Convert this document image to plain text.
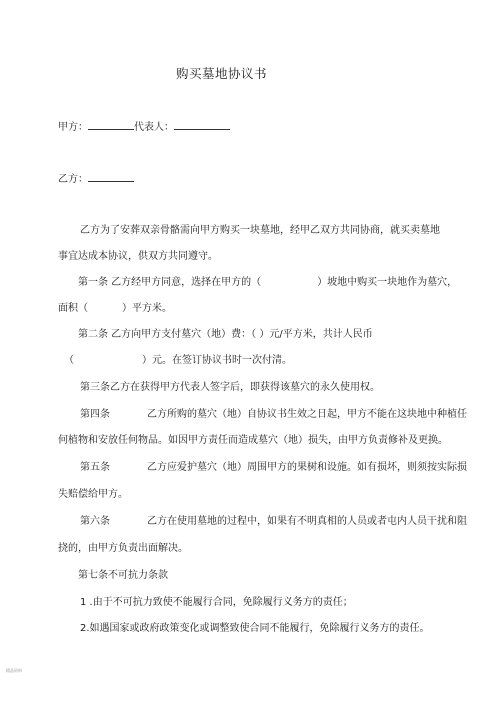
购买墓地协议书
甲方：	代表人：
乙方：
乙方为了安葬双亲骨骼需向甲方购买一块墓地，经甲乙双方共同协商，就买卖墓地
事宜达成本协议，供双方共同遵守。
第一条 乙方经甲方同意，选择在甲方的（	）坡地中购买一块地作为墓穴，
面积（	）平方米。
第二条 乙方向甲方支付墓穴（地）费：（ ）元/平方米，共计人民币
（	）元。在签订协议书时一次付清。
第三条乙方在获得甲方代表人签字后，即获得该墓穴的永久使用权。
第四条	乙方所购的墓穴（地）自协议书生效之日起，甲方不能在这块地中种植任
何植物和安放任何物品。如因甲方责任而造成墓穴（地）损失，由甲方负责修补及更换。
第五条	乙方应爱护墓穴（地）周围甲方的果树和设施。如有损坏，则须按实际损
失赔偿给甲方。
第六条	乙方在使用墓地的过程中，如果有不明真相的人员或者屯内人员干扰和阻
挠的，由甲方负责出面解决。
第七条不可抗力条款
1 .由于不可抗力致使不能履行合同，免除履行义务方的责任；
2.如遇国家或政府政策变化或调整致使合同不能履行，免除履行义务方的责任。
精品资料
